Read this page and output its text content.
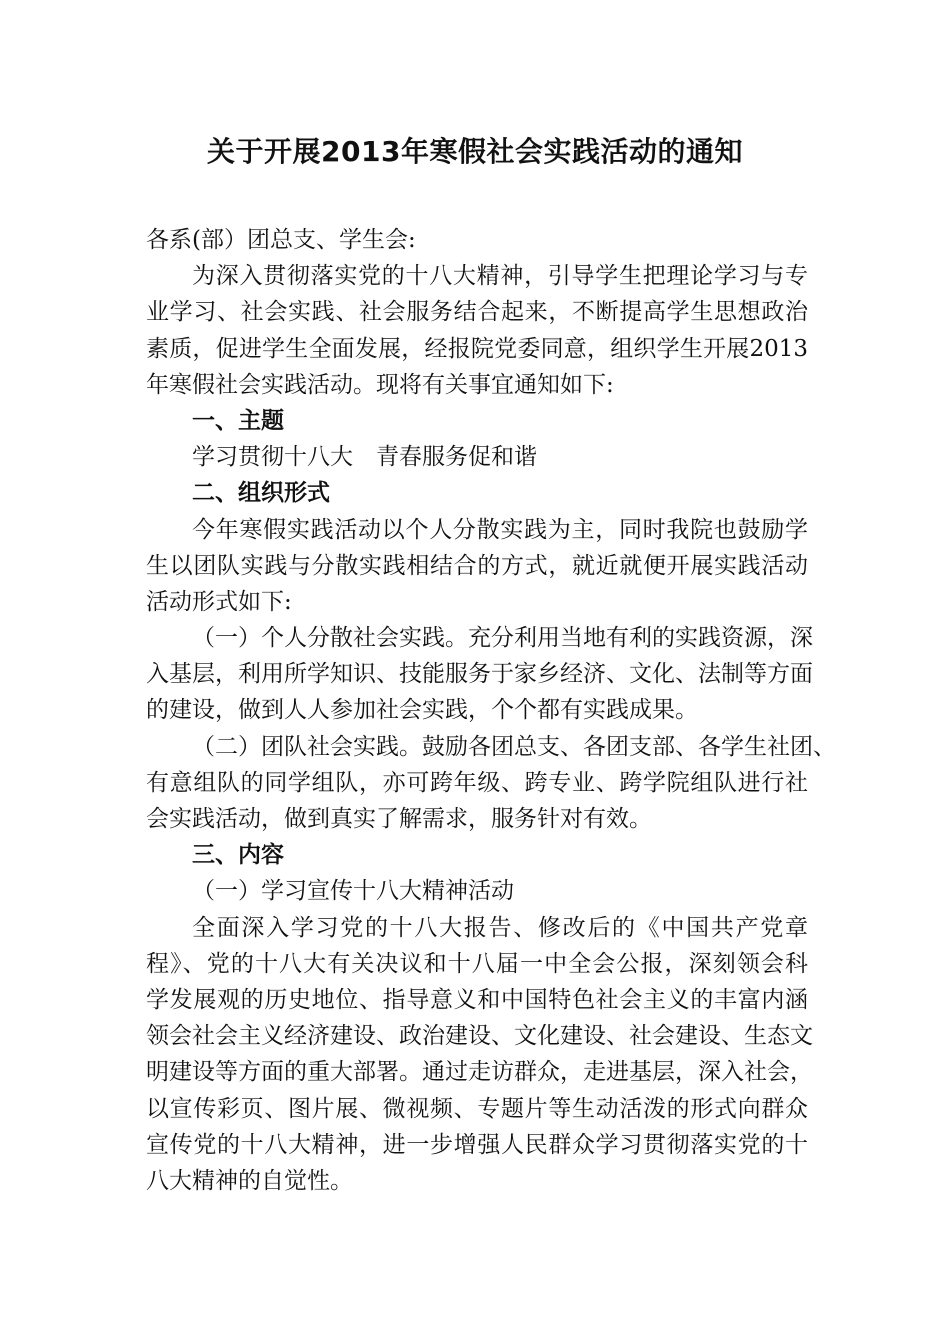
关于开展2013年寒假社会实践活动的通知
各系(部）团总支、学生会:
为深入贯彻落实党的十八大精神，引导学生把理论学习与专
业学习、社会实践、社会服务结合起来，不断提高学生思想政治
素质，促进学生全面发展，经报院党委同意，组织学生开展2013
年寒假社会实践活动。现将有关事宜通知如下:
一、主题
学习贯彻十八大　青春服务促和谐
二、组织形式
今年寒假实践活动以个人分散实践为主，同时我院也鼓励学
生以团队实践与分散实践相结合的方式，就近就便开展实践活动
活动形式如下:
（一）个人分散社会实践。充分利用当地有利的实践资源，深
入基层，利用所学知识、技能服务于家乡经济、文化、法制等方面
的建设，做到人人参加社会实践，个个都有实践成果。
（二）团队社会实践。鼓励各团总支、各团支部、各学生社团、
有意组队的同学组队，亦可跨年级、跨专业、跨学院组队进行社
会实践活动，做到真实了解需求，服务针对有效。
三、内容
（一）学习宣传十八大精神活动
全面深入学习党的十八大报告、修改后的《中国共产党章
程》、党的十八大有关决议和十八届一中全会公报，深刻领会科
学发展观的历史地位、指导意义和中国特色社会主义的丰富内涵
领会社会主义经济建设、政治建设、文化建设、社会建设、生态文
明建设等方面的重大部署。通过走访群众，走进基层，深入社会，
以宣传彩页、图片展、微视频、专题片等生动活泼的形式向群众
宣传党的十八大精神，进一步增强人民群众学习贯彻落实党的十
八大精神的自觉性。
